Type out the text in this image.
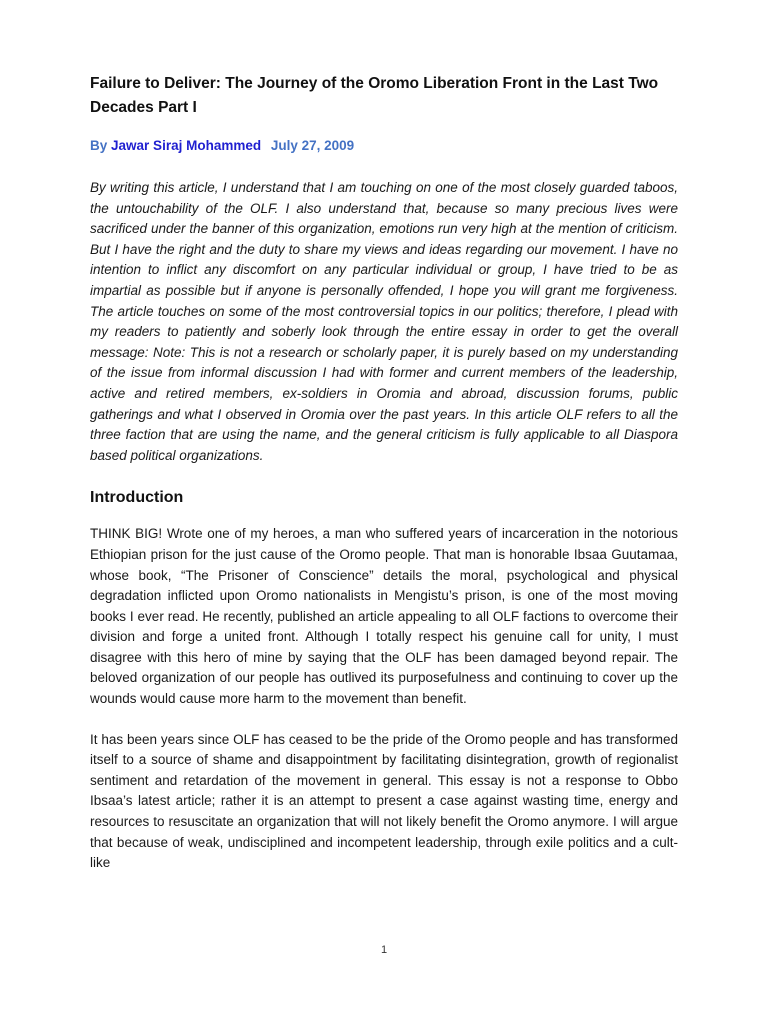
Failure to Deliver: The Journey of the Oromo Liberation Front in the Last Two Decades Part I
By Jawar Siraj Mohammed July 27, 2009

By writing this article, I understand that I am touching on one of the most closely guarded taboos, the untouchability of the OLF. I also understand that, because so many precious lives were sacrificed under the banner of this organization, emotions run very high at the mention of criticism. But I have the right and the duty to share my views and ideas regarding our movement. I have no intention to inflict any discomfort on any particular individual or group, I have tried to be as impartial as possible but if anyone is personally offended, I hope you will grant me forgiveness. The article touches on some of the most controversial topics in our politics; therefore, I plead with my readers to patiently and soberly look through the entire essay in order to get the overall message: Note: This is not a research or scholarly paper, it is purely based on my understanding of the issue from informal discussion I had with former and current members of the leadership, active and retired members, ex-soldiers in Oromia and abroad, discussion forums, public gatherings and what I observed in Oromia over the past years. In this article OLF refers to all the three faction that are using the name, and the general criticism is fully applicable to all Diaspora based political organizations.

Introduction

THINK BIG! Wrote one of my heroes, a man who suffered years of incarceration in the notorious Ethiopian prison for the just cause of the Oromo people. That man is honorable Ibsaa Guutamaa, whose book, “The Prisoner of Conscience” details the moral, psychological and physical degradation inflicted upon Oromo nationalists in Mengistu’s prison, is one of the most moving books I ever read. He recently, published an article appealing to all OLF factions to overcome their division and forge a united front. Although I totally respect his genuine call for unity, I must disagree with this hero of mine by saying that the OLF has been damaged beyond repair. The beloved organization of our people has outlived its purposefulness and continuing to cover up the wounds would cause more harm to the movement than benefit.

It has been years since OLF has ceased to be the pride of the Oromo people and has transformed itself to a source of shame and disappointment by facilitating disintegration, growth of regionalist sentiment and retardation of the movement in general. This essay is not a response to Obbo Ibsaa’s latest article; rather it is an attempt to present a case against wasting time, energy and resources to resuscitate an organization that will not likely benefit the Oromo anymore. I will argue that because of weak, undisciplined and incompetent leadership, through exile politics and a cult-like

1
